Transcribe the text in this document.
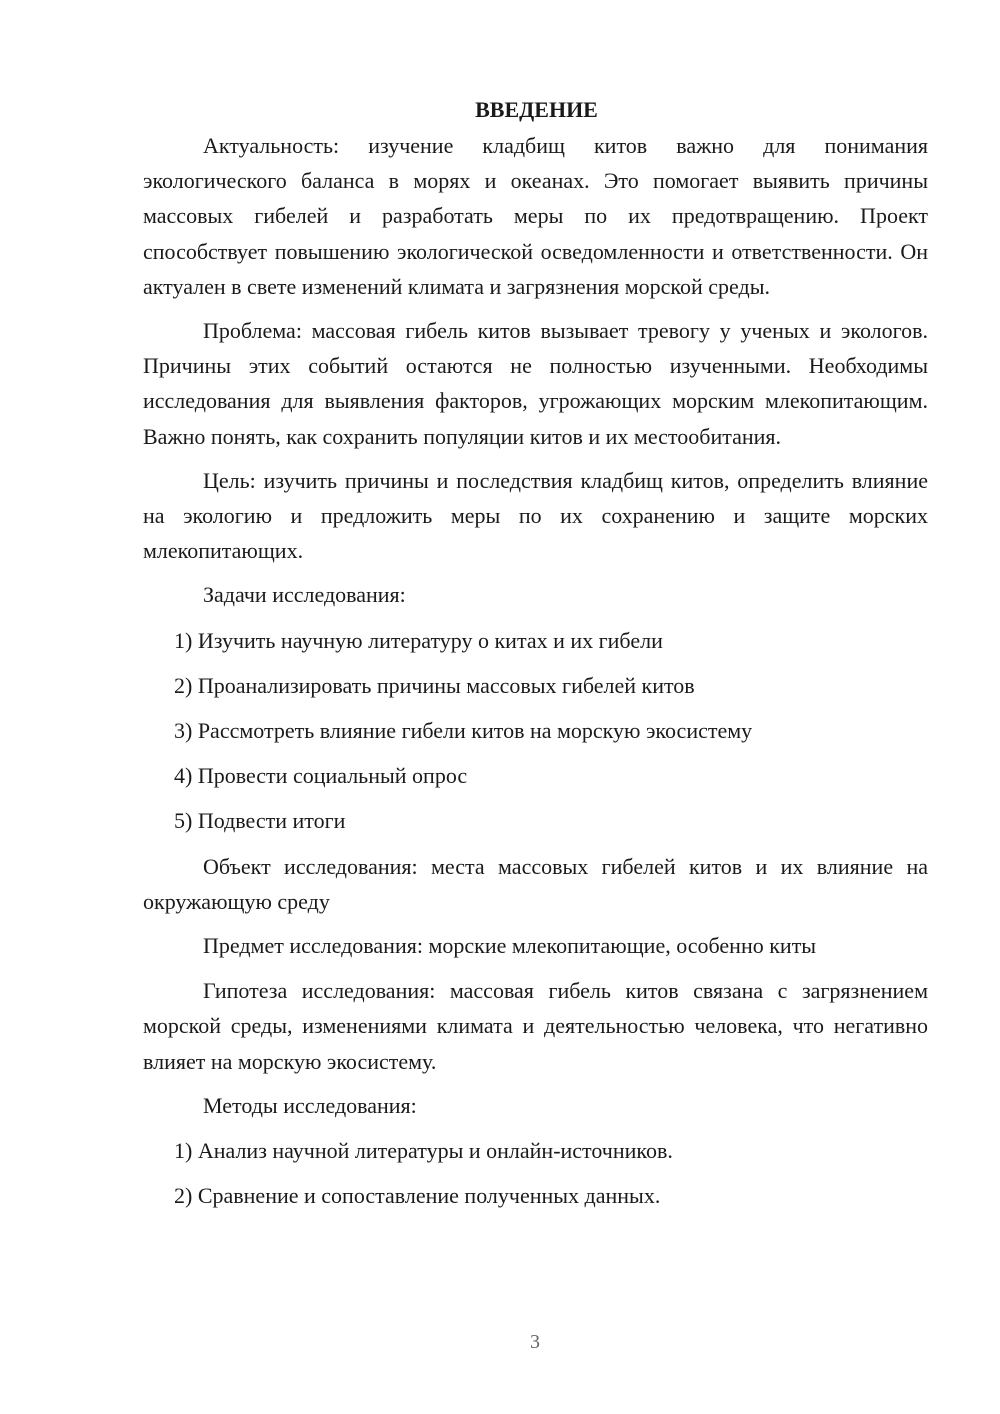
ВВЕДЕНИЕ

Актуальность: изучение кладбищ китов важно для понимания экологического баланса в морях и океанах. Это помогает выявить причины массовых гибелей и разработать меры по их предотвращению. Проект способствует повышению экологической осведомленности и ответственности. Он актуален в свете изменений климата и загрязнения морской среды.

Проблема: массовая гибель китов вызывает тревогу у ученых и экологов. Причины этих событий остаются не полностью изученными. Необходимы исследования для выявления факторов, угрожающих морским млекопитающим. Важно понять, как сохранить популяции китов и их местообитания.

Цель: изучить причины и последствия кладбищ китов, определить влияние на экологию и предложить меры по их сохранению и защите морских млекопитающих.

Задачи исследования:

1) Изучить научную литературу о китах и их гибели

2) Проанализировать причины массовых гибелей китов

3) Рассмотреть влияние гибели китов на морскую экосистему

4) Провести социальный опрос

5) Подвести итоги

Объект исследования: места массовых гибелей китов и их влияние на окружающую среду

Предмет исследования: морские млекопитающие, особенно киты

Гипотеза исследования: массовая гибель китов связана с загрязнением морской среды, изменениями климата и деятельностью человека, что негативно влияет на морскую экосистему.

Методы исследования:

1) Анализ научной литературы и онлайн-источников.

2) Сравнение и сопоставление полученных данных.

3
